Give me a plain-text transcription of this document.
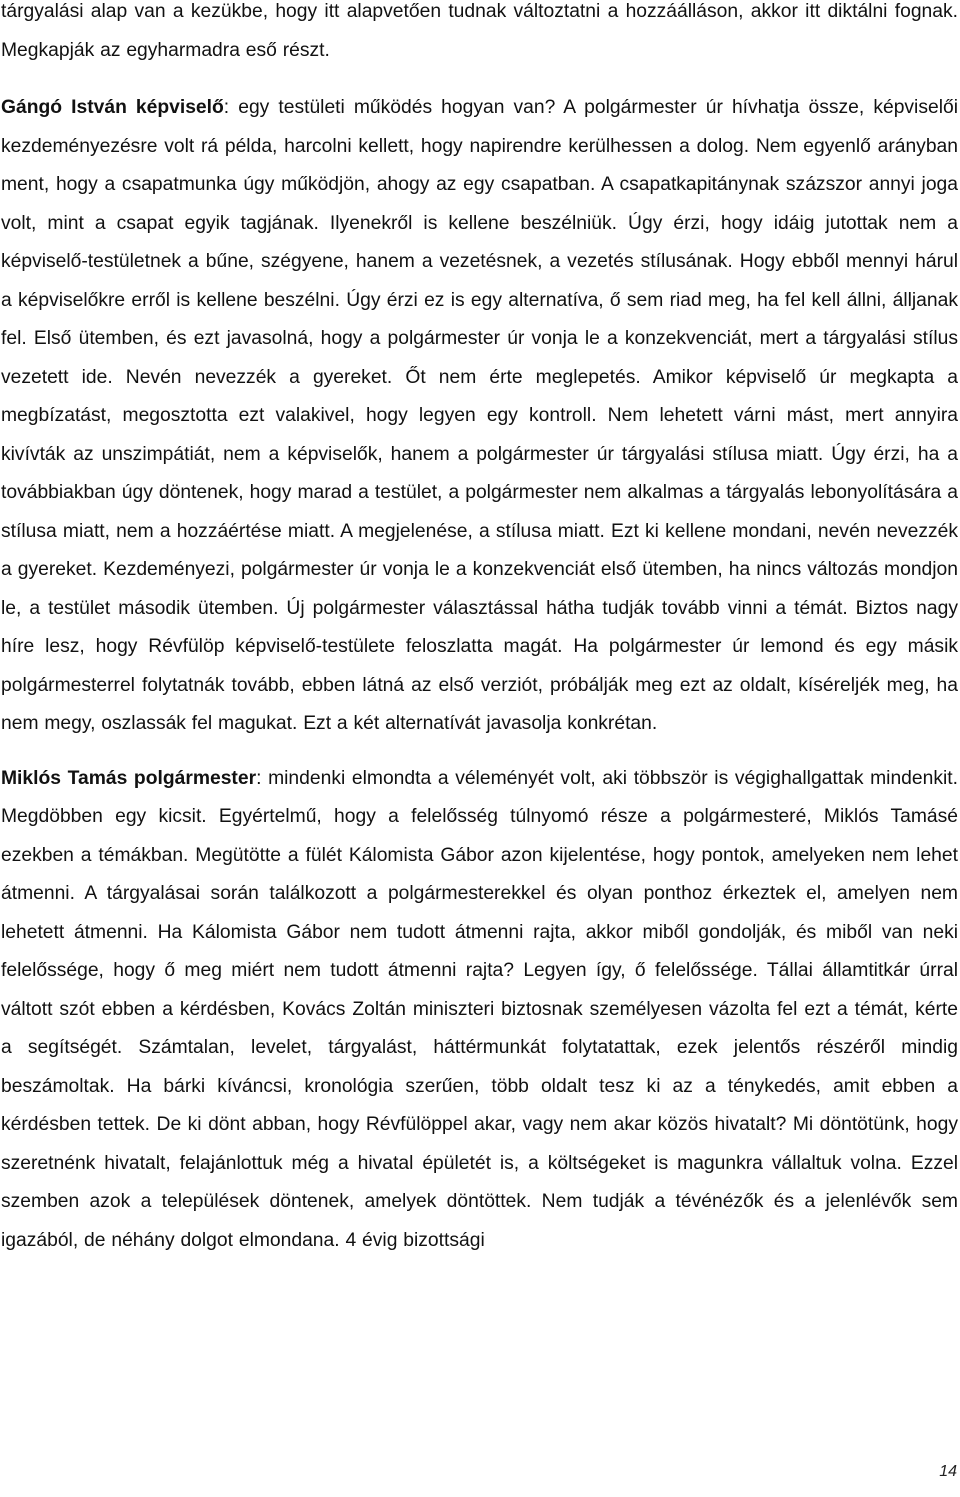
tárgyalási alap van a kezükbe, hogy itt alapvetően tudnak változtatni a hozzáálláson, akkor itt diktálni fognak. Megkapják az egyharmadra eső részt.

Gángó István képviselő: egy testületi működés hogyan van? A polgármester úr hívhatja össze, képviselői kezdeményezésre volt rá példa, harcolni kellett, hogy napirendre kerülhessen a dolog. Nem egyenlő arányban ment, hogy a csapatmunka úgy működjön, ahogy az egy csapatban. A csapatkapitánynak százszor annyi joga volt, mint a csapat egyik tagjának. Ilyenekről is kellene beszélniük. Úgy érzi, hogy idáig jutottak nem a képviselő-testületnek a bűne, szégyene, hanem a vezetésnek, a vezetés stílusának. Hogy ebből mennyi hárul a képviselőkre erről is kellene beszélni. Úgy érzi ez is egy alternatíva, ő sem riad meg, ha fel kell állni, álljanak fel. Első ütemben, és ezt javasolná, hogy a polgármester úr vonja le a konzekvenciát, mert a tárgyalási stílus vezetett ide. Nevén nevezzék a gyereket. Őt nem érte meglepetés. Amikor képviselő úr megkapta a megbízatást, megosztotta ezt valakivel, hogy legyen egy kontroll. Nem lehetett várni mást, mert annyira kivívták az unszimpátiát, nem a képviselők, hanem a polgármester úr tárgyalási stílusa miatt. Úgy érzi, ha a továbbiakban úgy döntenek, hogy marad a testület, a polgármester nem alkalmas a tárgyalás lebonyolítására a stílusa miatt, nem a hozzáértése miatt. A megjelenése, a stílusa miatt. Ezt ki kellene mondani, nevén nevezzék a gyereket. Kezdeményezi, polgármester úr vonja le a konzekvenciát első ütemben, ha nincs változás mondjon le, a testület második ütemben. Új polgármester választással hátha tudják tovább vinni a témát. Biztos nagy híre lesz, hogy Révfülöp képviselő-testülete feloszlatta magát. Ha polgármester úr lemond és egy másik polgármesterrel folytatnák tovább, ebben látná az első verziót, próbálják meg ezt az oldalt, kíséreljék meg, ha nem megy, oszlassák fel magukat. Ezt a két alternatívát javasolja konkrétan.

Miklós Tamás polgármester: mindenki elmondta a véleményét volt, aki többször is végighallgattak mindenkit. Megdöbben egy kicsit. Egyértelmű, hogy a felelősség túlnyomó része a polgármesteré, Miklós Tamásé ezekben a témákban. Megütötte a fülét Kálomista Gábor azon kijelentése, hogy pontok, amelyeken nem lehet átmenni. A tárgyalásai során találkozott a polgármesterekkel és olyan ponthoz érkeztek el, amelyen nem lehetett átmenni. Ha Kálomista Gábor nem tudott átmenni rajta, akkor miből gondolják, és miből van neki felelőssége, hogy ő meg miért nem tudott átmenni rajta? Legyen így, ő felelőssége. Tállai államtitkár úrral váltott szót ebben a kérdésben, Kovács Zoltán miniszteri biztosnak személyesen vázolta fel ezt a témát, kérte a segítségét. Számtalan, levelet, tárgyalást, háttérmunkát folytatattak, ezek jelentős részéről mindig beszámoltak. Ha bárki kíváncsi, kronológia szerűen, több oldalt tesz ki az a ténykedés, amit ebben a kérdésben tettek. De ki dönt abban, hogy Révfülöppel akar, vagy nem akar közös hivatalt? Mi döntötünk, hogy szeretnénk hivatalt, felajánlottuk még a hivatal épületét is, a költségeket is magunkra vállaltuk volna. Ezzel szemben azok a települések döntenek, amelyek döntöttek. Nem tudják a tévénézők és a jelenlévők sem igazából, de néhány dolgot elmondana. 4 évig bizottsági

14
